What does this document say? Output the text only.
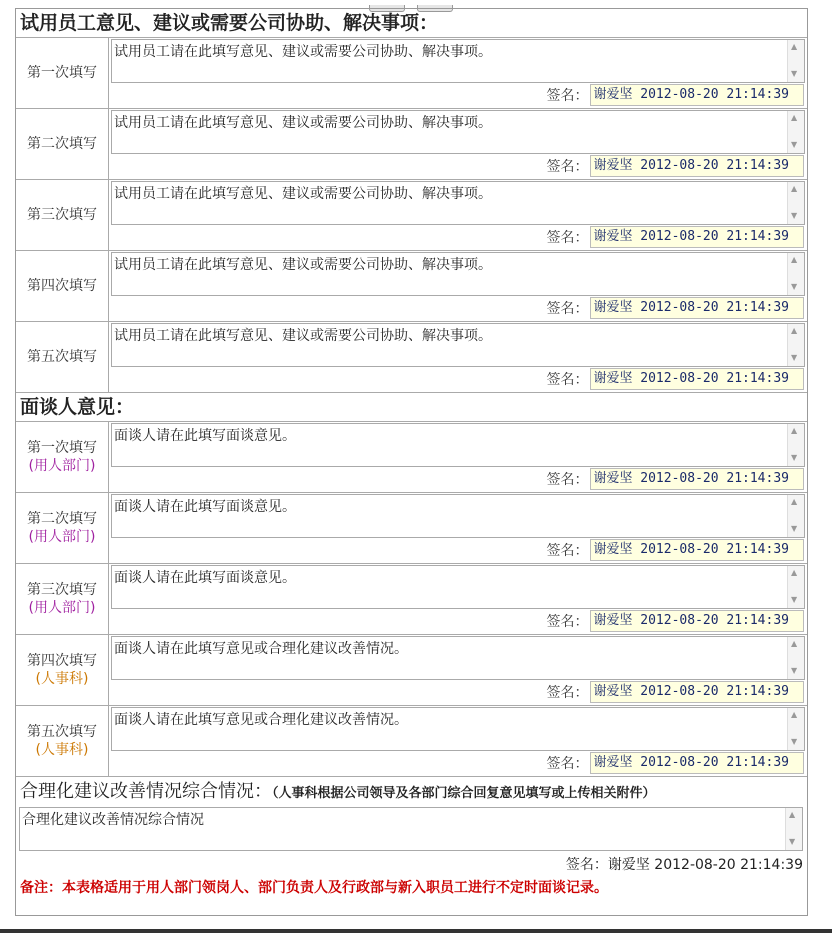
试用员工意见、建议或需要公司协助、解决事项：
第一次填写
试用员工请在此填写意见、建议或需要公司协助、解决事项。	▲
▼
签名： 谢爱坚 2012-08-20 21:14:39
第二次填写
试用员工请在此填写意见、建议或需要公司协助、解决事项。	▲
▼
签名： 谢爱坚 2012-08-20 21:14:39
第三次填写
试用员工请在此填写意见、建议或需要公司协助、解决事项。	▲
▼
签名： 谢爱坚 2012-08-20 21:14:39
第四次填写
试用员工请在此填写意见、建议或需要公司协助、解决事项。	▲
▼
签名： 谢爱坚 2012-08-20 21:14:39
第五次填写
试用员工请在此填写意见、建议或需要公司协助、解决事项。	▲
▼
签名： 谢爱坚 2012-08-20 21:14:39
面谈人意见：
第一次填写
(用人部门)
面谈人请在此填写面谈意见。	▲
▼
签名： 谢爱坚 2012-08-20 21:14:39
第二次填写
(用人部门)
面谈人请在此填写面谈意见。	▲
▼
签名： 谢爱坚 2012-08-20 21:14:39
第三次填写
(用人部门)
面谈人请在此填写面谈意见。	▲
▼
签名： 谢爱坚 2012-08-20 21:14:39
第四次填写
(人事科)
面谈人请在此填写意见或合理化建议改善情况。	▲
▼
签名： 谢爱坚 2012-08-20 21:14:39
第五次填写
(人事科)
面谈人请在此填写意见或合理化建议改善情况。	▲
▼
签名： 谢爱坚 2012-08-20 21:14:39
合理化建议改善情况综合情况：（人事科根据公司领导及各部门综合回复意见填写或上传相关附件）
合理化建议改善情况综合情况	▲
▼
签名： 谢爱坚 2012-08-20 21:14:39
备注：本表格适用于用人部门领岗人、部门负责人及行政部与新入职员工进行不定时面谈记录。
